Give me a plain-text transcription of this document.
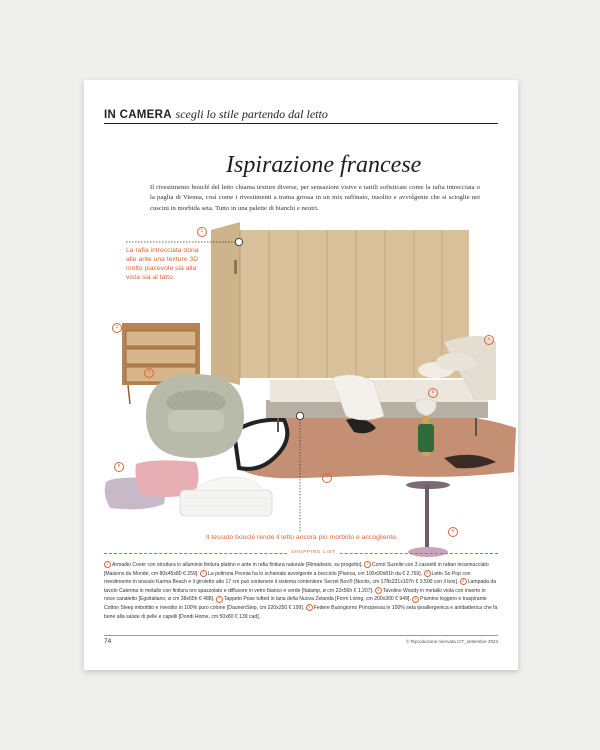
IN CAMERA scegli lo stile partendo dal letto
Ispirazione francese
Il rivestimento bouclé del letto chiama texture diverse, per sensazioni visive e tattili sofisticate come la rafia intrecciata o la paglia di Vienna, così come i rivestimenti a trama grossa in un mix raffinato, insolito e avvolgente che si scioglie nei cuscini in morbida seta. Tutto in una palette di bianchi e neutri.
1
2
3
4
5
6
7
8
La rafia intrecciata dona alle ante una texture 3D molto piacevole sia alla vista sia al tatto.
Il tessuto bouclé rende il letto ancora più morbido e accogliente.
SHOPPING LIST
1 Armadio Cover con struttura in alluminio finitura platino e ante in rafia finitura naturale [Rimadesio, su progetto]. 2 Comò Suzelle con 3 cassetti in rattan incannucciato [Maisons du Monde, cm 80x45x80 € 259]. 3 La poltrona Peonia ha lo schienale avvolgente a bocciolo [Pianca, cm 100x90x81h da € 2.769]. 4 Letto So Pop con rivestimento in tessuto Karma Beach e il giroletto alto 17 cm può contenere il sistema contenitore Secret Box® [Noctis, cm 178x231x107h € 3.500 con il box]. 5 Lampada da tavolo Caterina in metallo con finitura oro spazzolato e diffusore in vetro bianco e verde [Italamp, ø cm 22x56h € 1.207]. 6 Tavolino Woody in metallo viola con inserto in noce canaletto [Egoitaliano, ø cm 38x65h € 488]. 7 Tappeto Pose tufted in lana della Nuova Zelanda [Form Living, cm 200x300 € 949]. 8 Piumino leggero e traspirante Cotton Sleep imbottito e rivestito in 100% puro cotone [DaunenStep, cm 220x250 € 199]. 9 Federe Buongiorno Principessa in 100% seta ipoallergenica e antibatterica che fa bene alla salute di pelle e capelli [Dondi Home, cm 50x80 € 139 cad].
74	© Riproduzione riservata CIT_settembre 2023
